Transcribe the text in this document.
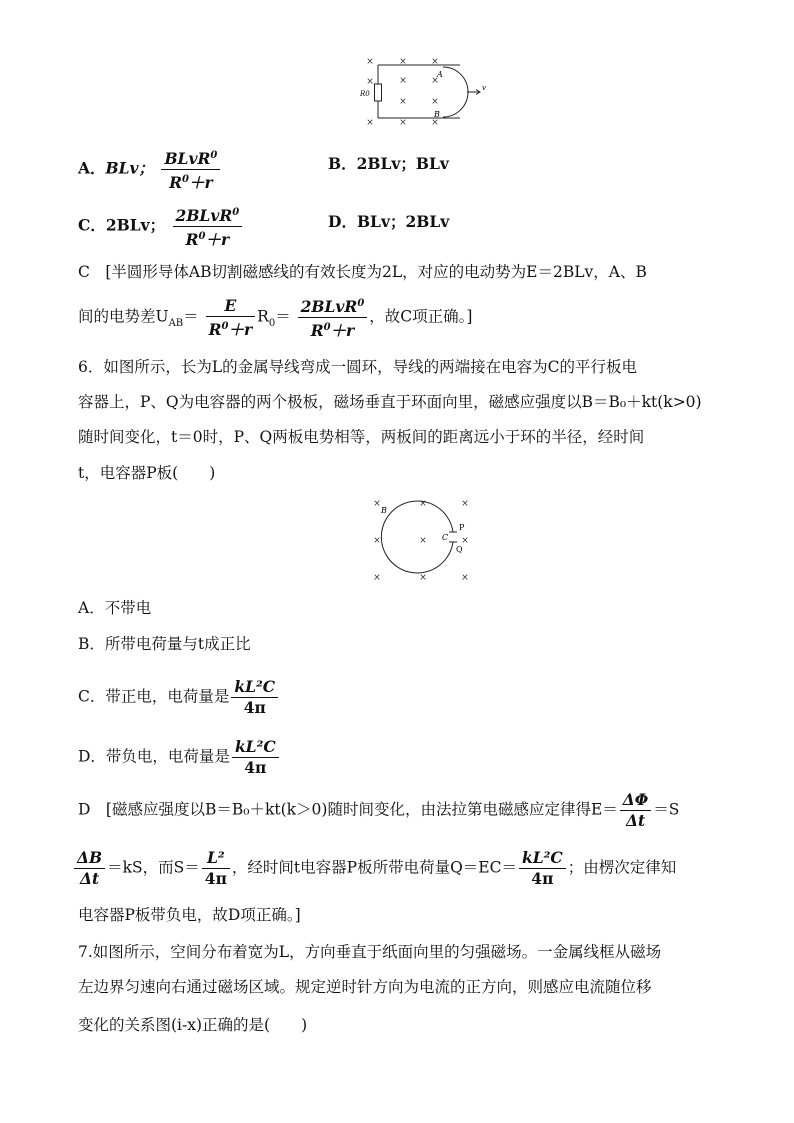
×	×	×
×	×	×
×	×
×	×	×
A
B
R0
v
A．BLv； $\frac{BLvR^0}{R^0+r}$	B．2BLv；BLv
C．2BLv； $\frac{2BLvR^0}{R^0+r}$	D．BLv；2BLv
C　[半圆形导体AB切割磁感线的有效长度为2L，对应的电动势为E＝2BLv，A、B
间的电势差$U_{AB}= \frac{E}{R^0+r} R_0= \frac{2BLvR^0}{R^0+r}$ ，故C项正确。]
6．如图所示，长为L的金属导线弯成一圆环，导线的两端接在电容为C的平行板电
容器上，P、Q为电容器的两个极板，磁场垂直于环面向里，磁感应强度以B＝B₀＋kt(k>0)
随时间变化，t＝0时，P、Q两板电势相等，两板间的距离远小于环的半径，经时间
t，电容器P板(　　)
×	×	×
×	×	×
×	×	×
B
C
P
Q
A．不带电
B．所带电荷量与t成正比
C．带正电，电荷量是 $\frac{\text{kL²C}}{4\pi}$
D．带负电，电荷量是 $\frac{\text{kL²C}}{4\pi}$
D　[磁感应强度以B＝B₀＋kt(k＞0)随时间变化，由法拉第电磁感应定律得$E= \frac{\Delta\Phi}{\Delta t} =S$
$\frac{\Delta B}{\Delta t} =kS$，而$S= \frac{\text{L²}}{4\pi}$ ，经时间t电容器P板所带电荷量$Q=EC= \frac{\text{kL²C}}{4\pi}$ ；由楞次定律知
电容器P板带负电，故D项正确。]
7.如图所示，空间分布着宽为L，方向垂直于纸面向里的匀强磁场。一金属线框从磁场
左边界匀速向右通过磁场区域。规定逆时针方向为电流的正方向，则感应电流随位移
变化的关系图(i-x)正确的是(　　)
